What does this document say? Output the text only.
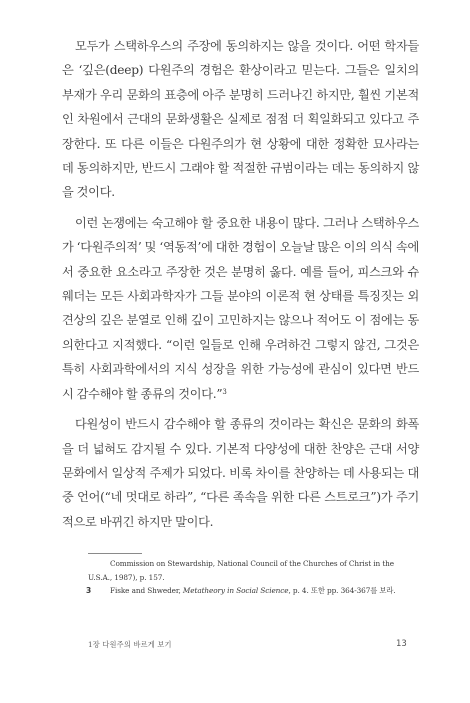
모두가 스택하우스의 주장에 동의하지는 않을 것이다. 어떤 학자들은 ‘깊은(deep) 다원주의 경험은 환상이라고 믿는다. 그들은 일치의 부재가 우리 문화의 표층에 아주 분명히 드러나긴 하지만, 훨씬 기본적인 차원에서 근대의 문화생활은 실제로 점점 더 획일화되고 있다고 주장한다. 또 다른 이들은 다원주의가 현 상황에 대한 정확한 묘사라는 데 동의하지만, 반드시 그래야 할 적절한 규범이라는 데는 동의하지 않을 것이다.

이런 논쟁에는 숙고해야 할 중요한 내용이 많다. 그러나 스택하우스가 ‘다원주의적’ 및 ‘역동적’에 대한 경험이 오늘날 많은 이의 의식 속에서 중요한 요소라고 주장한 것은 분명히 옳다. 예를 들어, 피스크와 슈웨더는 모든 사회과학자가 그들 분야의 이론적 현 상태를 특징짓는 외견상의 깊은 분열로 인해 깊이 고민하지는 않으나 적어도 이 점에는 동의한다고 지적했다. “이런 일들로 인해 우려하건 그렇지 않건, 그것은 특히 사회과학에서의 지식 성장을 위한 가능성에 관심이 있다면 반드시 감수해야 할 종류의 것이다.”$^3$

다원성이 반드시 감수해야 할 종류의 것이라는 확신은 문화의 화폭을 더 넓혀도 감지될 수 있다. 기본적 다양성에 대한 찬양은 근대 서양 문화에서 일상적 주제가 되었다. 비록 차이를 찬양하는 데 사용되는 대중 언어(“네 멋대로 하라”, “다른 족속을 위한 다른 스트로크”)가 주기적으로 바뀌긴 하지만 말이다.

Commission on Stewardship, National Council of the Churches of Christ in the U.S.A., 1987), p. 157.

3	Fiske and Shweder, Metatheory in Social Science, p. 4. 또한 pp. 364-367를 보라.

1장 다원주의 바르게 보기	13
